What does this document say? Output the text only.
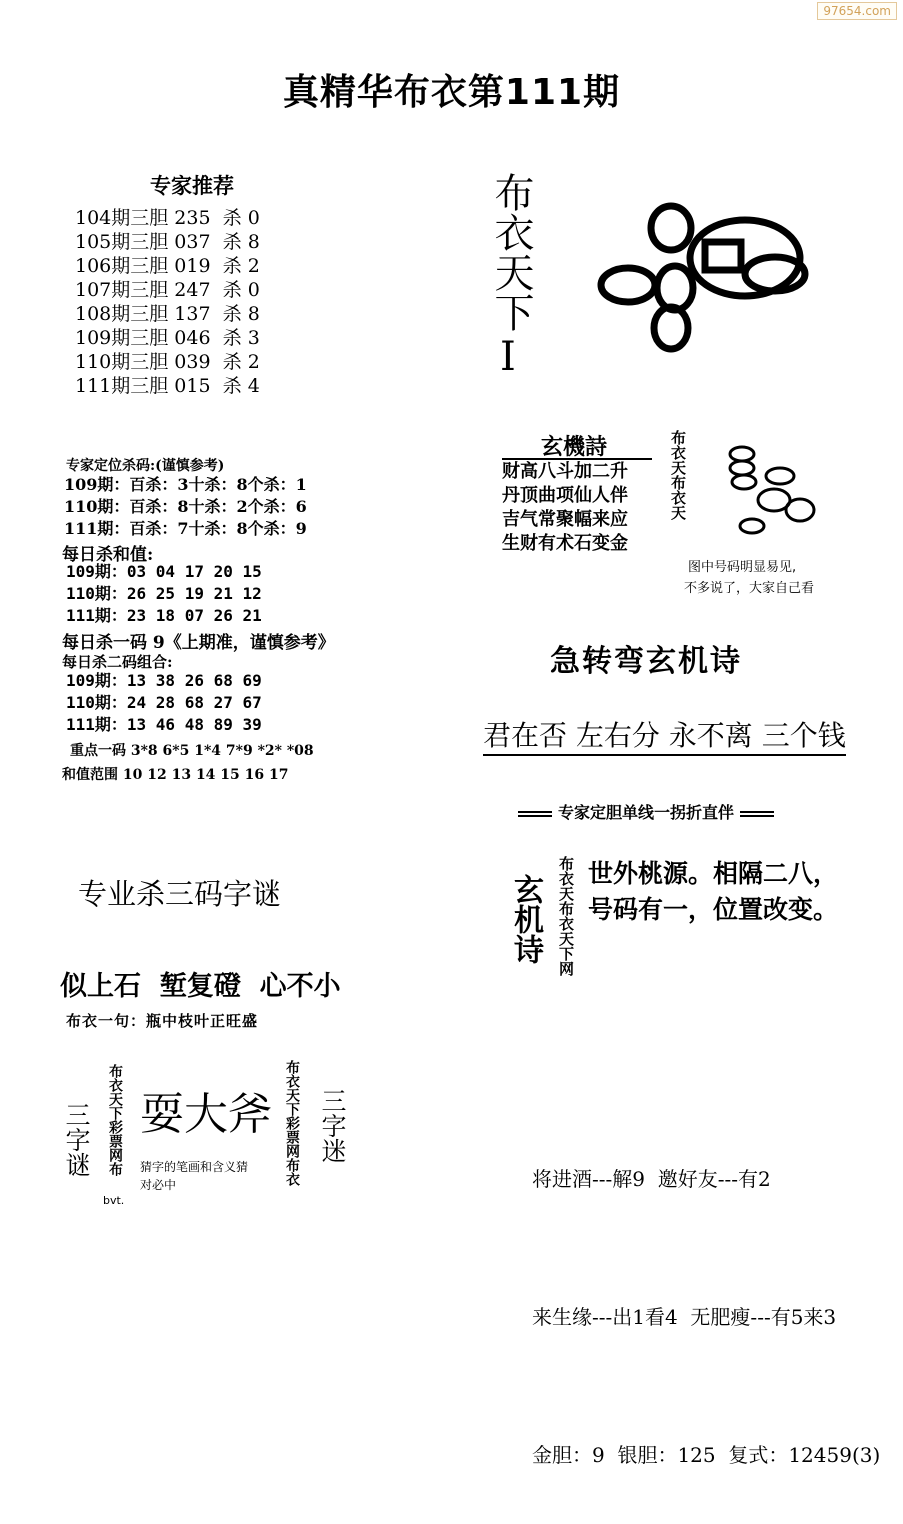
97654.com
真精华布衣第111期
专家推荐
104期三胆 235  杀 0
105期三胆 037  杀 8
106期三胆 019  杀 2
107期三胆 247  杀 0
108期三胆 137  杀 8
109期三胆 046  杀 3
110期三胆 039  杀 2
111期三胆 015  杀 4
布衣天下
I
玄機詩
财高八斗加二升
丹顶曲项仙人伴
吉气常聚幅来应
生财有术石变金
布衣天布衣天
图中号码明显易见,
不多说了，大家自己看
专家定位杀码:(谨慎参考)
109期：百杀：3十杀：8个杀：1
110期：百杀：8十杀：2个杀：6
111期：百杀：7十杀：8个杀：9
每日杀和值:
109期：03 04 17 20 15
110期：26 25 19 21 12
111期：23 18 07 26 21
每日杀一码 9《上期准，谨慎参考》
每日杀二码组合:
109期：13 38 26 68 69
110期：24 28 68 27 67
111期：13 46 48 89 39
重点一码 3*8 6*5 1*4 7*9 *2* *08
和值范围 10 12 13 14 15 16 17
急转弯玄机诗
君在否 左右分 永不离 三个钱
专家定胆单线一拐折直伴
玄机诗 布衣天布衣天下网 世外桃源。相隔二八，
号码有一，位置改变。
专业杀三码字谜
似上石  堑复磴  心不小
布衣一句：瓶中枝叶正旺盛
三字谜 布衣天下彩票网布
bvt.
耍大斧
猜字的笔画和含义猜
对必中	布衣天下彩票网布衣 三字迷

将进酒---解9  邀好友---有2

来生缘---出1看4  无肥瘦---有5来3

金胆：9  银胆：125  复式：12459(3)
